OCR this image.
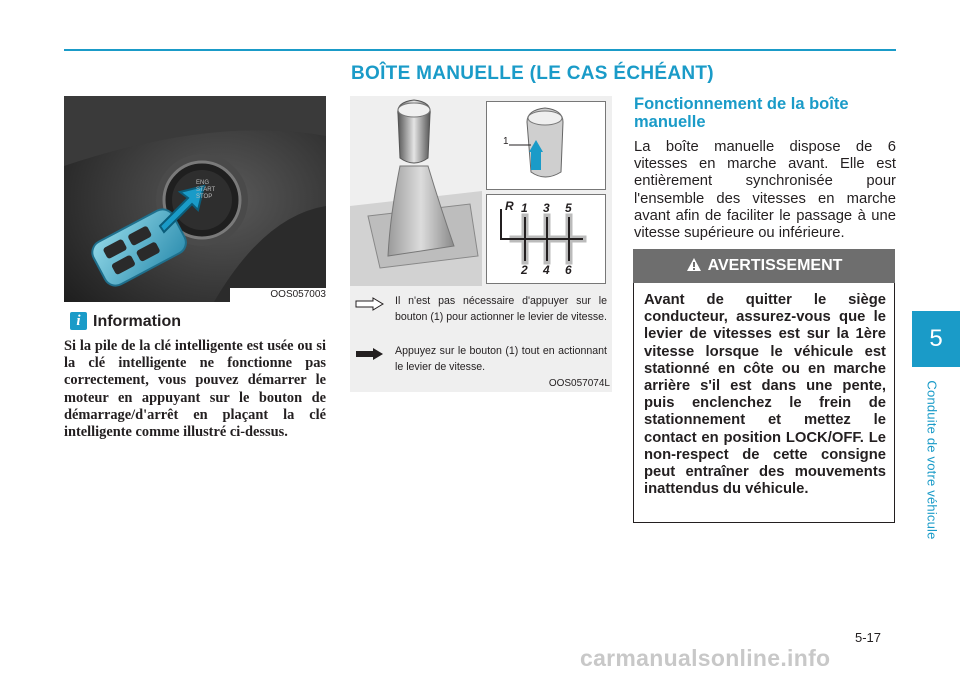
BOÎTE MANUELLE (LE CAS ÉCHÉANT)
ENG
START
STOP
OOS057003
i Information
Si la pile de la clé intelligente est usée ou si la clé intelligente ne fonctionne pas correctement, vous pouvez démarrer le moteur en appuyant sur le bouton de démarrage/d'arrêt en plaçant la clé intelligente comme illustré ci-dessus.
1
R 1 3 5
2 4 6
Il n'est pas nécessaire d'appuyer sur le bouton (1) pour actionner le levier de vitesse.
Appuyez sur le bouton (1) tout en actionnant le levier de vitesse.
OOS057074L
Fonctionnement de la boîte manuelle
La boîte manuelle dispose de 6 vitesses en marche avant. Elle est entièrement synchronisée pour l'ensemble des vitesses en marche avant afin de faciliter le passage à une vitesse supérieure ou inférieure.
AVERTISSEMENT
Avant de quitter le siège conducteur, assurez-vous que le levier de vitesses est sur la 1ère vitesse lorsque le véhicule est stationné en côte ou en marche arrière s'il est dans une pente, puis enclenchez le frein de stationnement et mettez le contact en position LOCK/OFF. Le non-respect de cette consigne peut entraîner des mouvements inattendus du véhicule.
5
Conduite de votre véhicule
5-17
carmanualsonline.info
